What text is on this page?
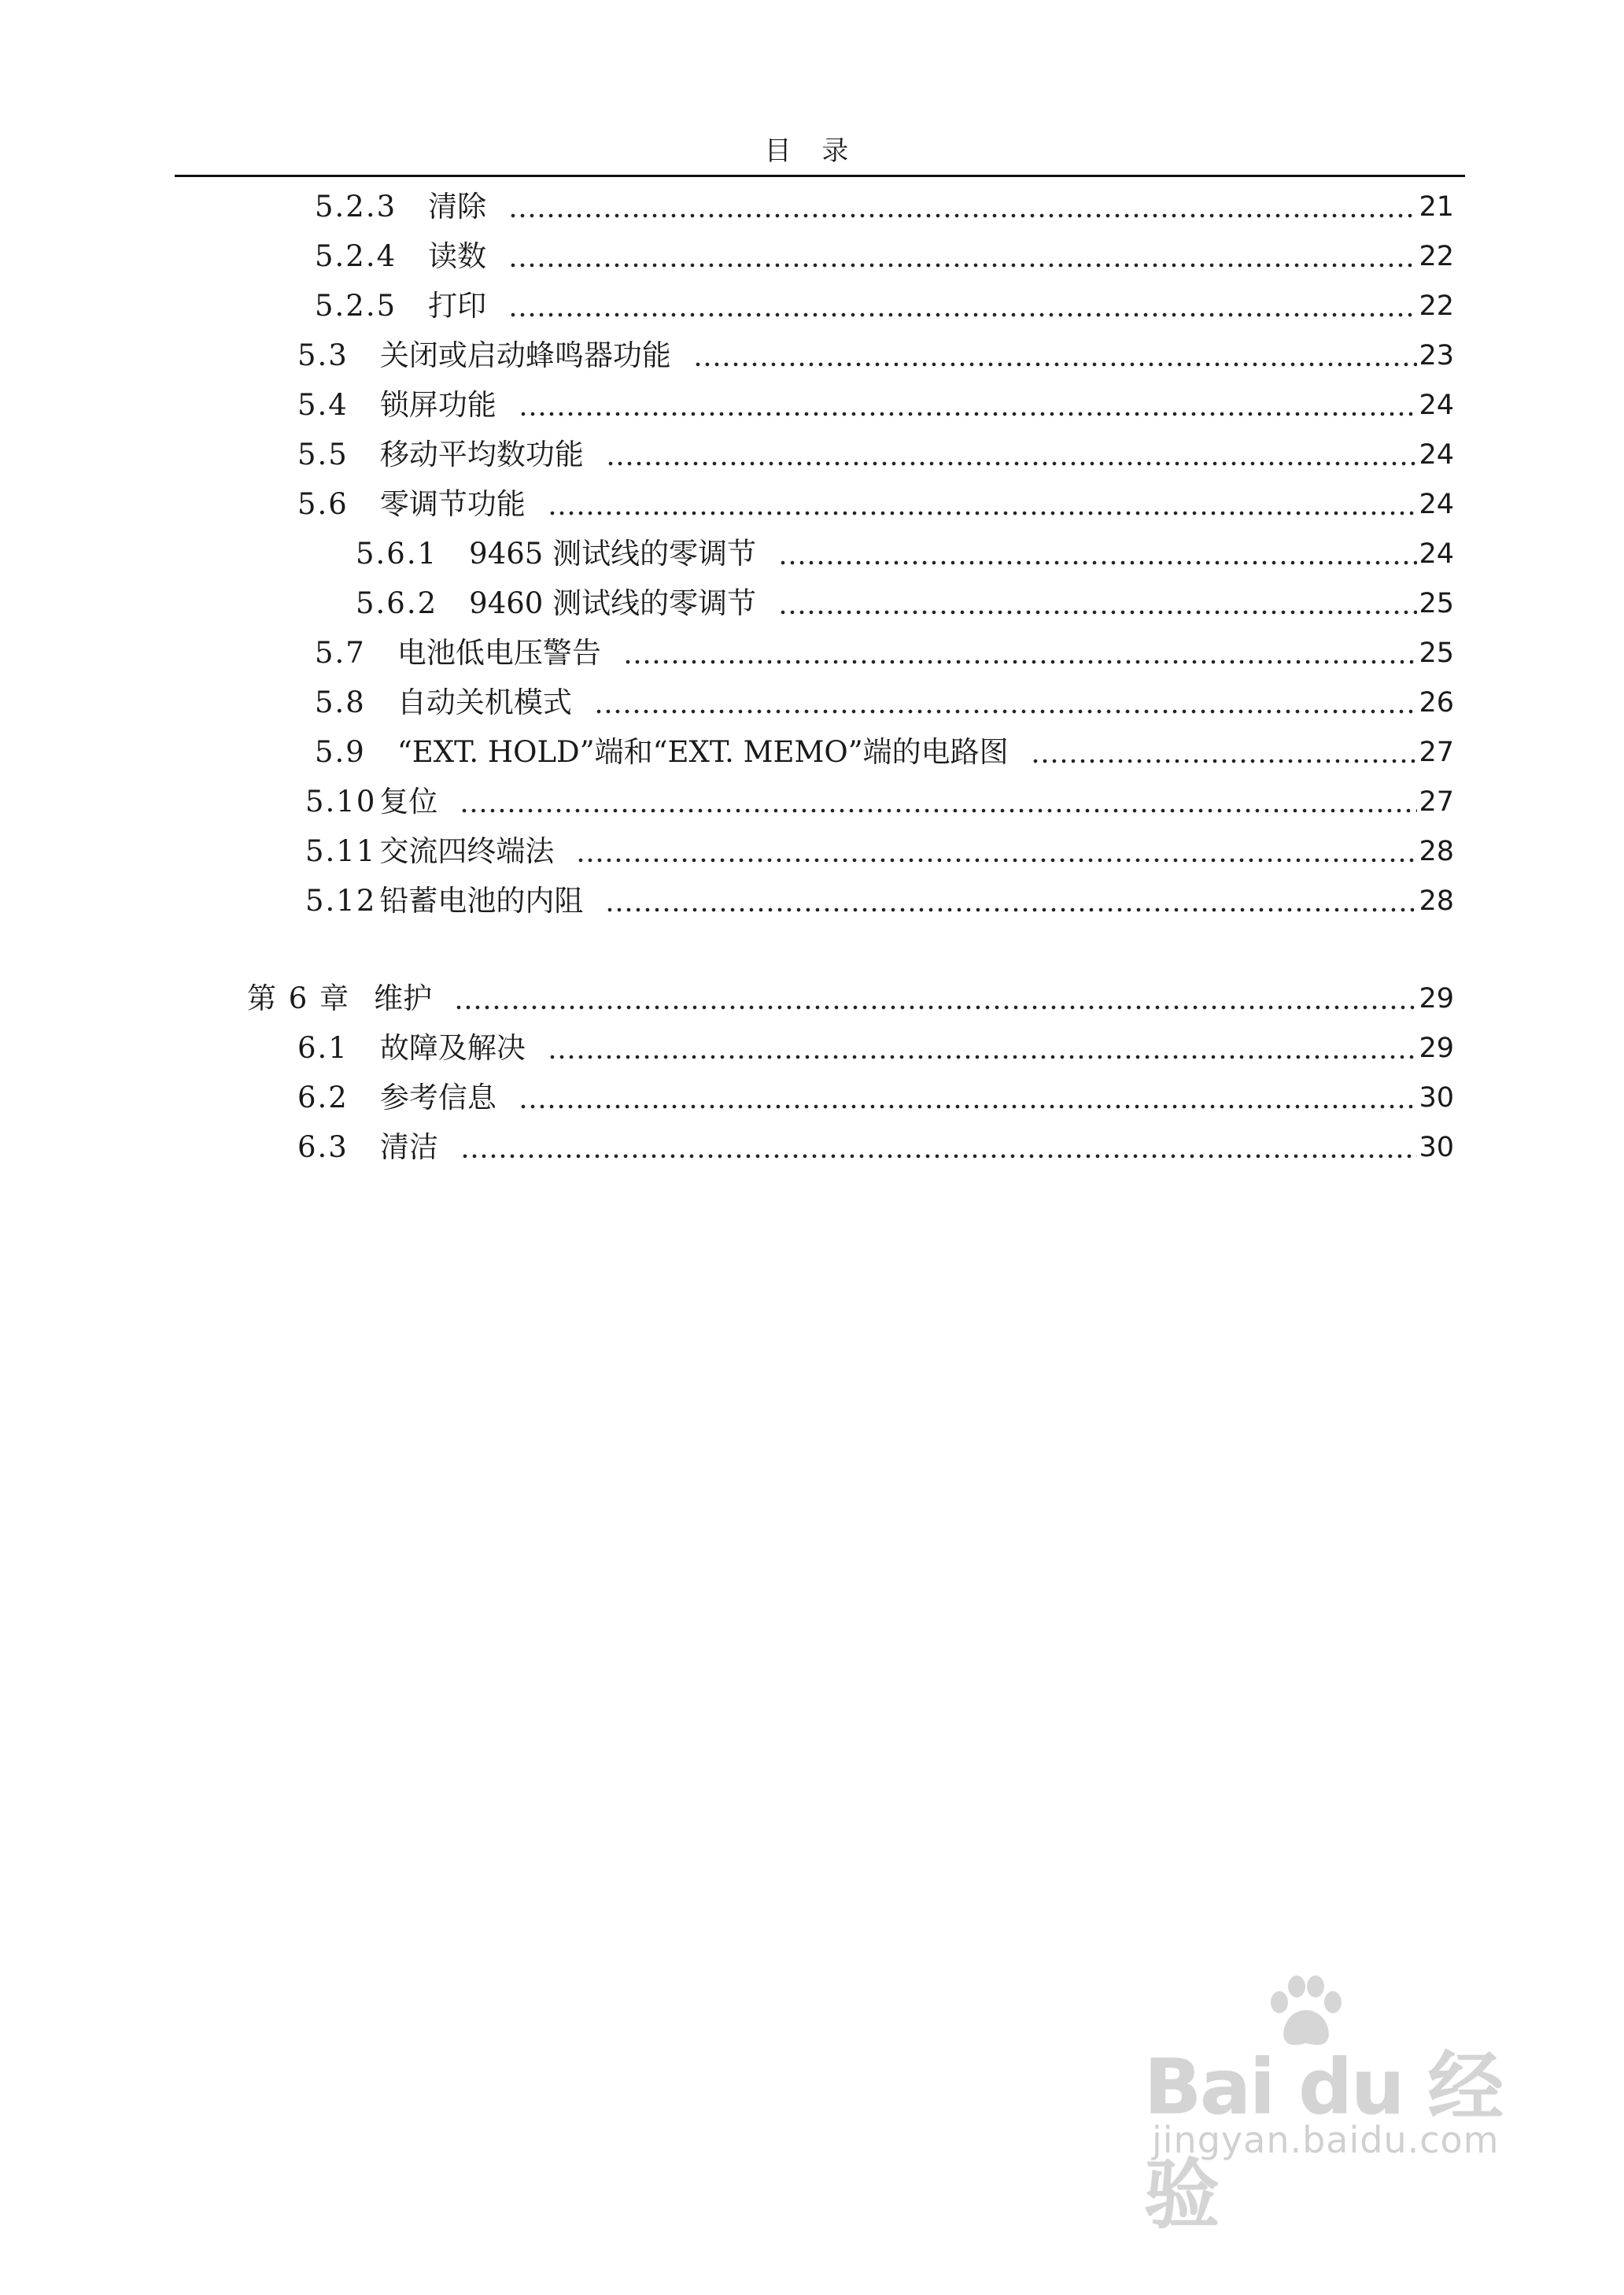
目 录
5.2.3 清除	21
5.2.4 读数	22
5.2.5 打印	22
5.3 关闭或启动蜂鸣器功能	23
5.4 锁屏功能	24
5.5 移动平均数功能	24
5.6 零调节功能	24
5.6.1 9465 测试线的零调节	24
5.6.2 9460 测试线的零调节	25
5.7 电池低电压警告	25
5.8 自动关机模式	26
5.9 “EXT. HOLD”端和“EXT. MEMO”端的电路图	27
5.10 复位	27
5.11 交流四终端法	28
5.12 铅蓄电池的内阻	28
第 6 章 维护	29
6.1 故障及解决	29
6.2 参考信息	30
6.3 清洁	30
Bai du 经验
jingyan.baidu.com
